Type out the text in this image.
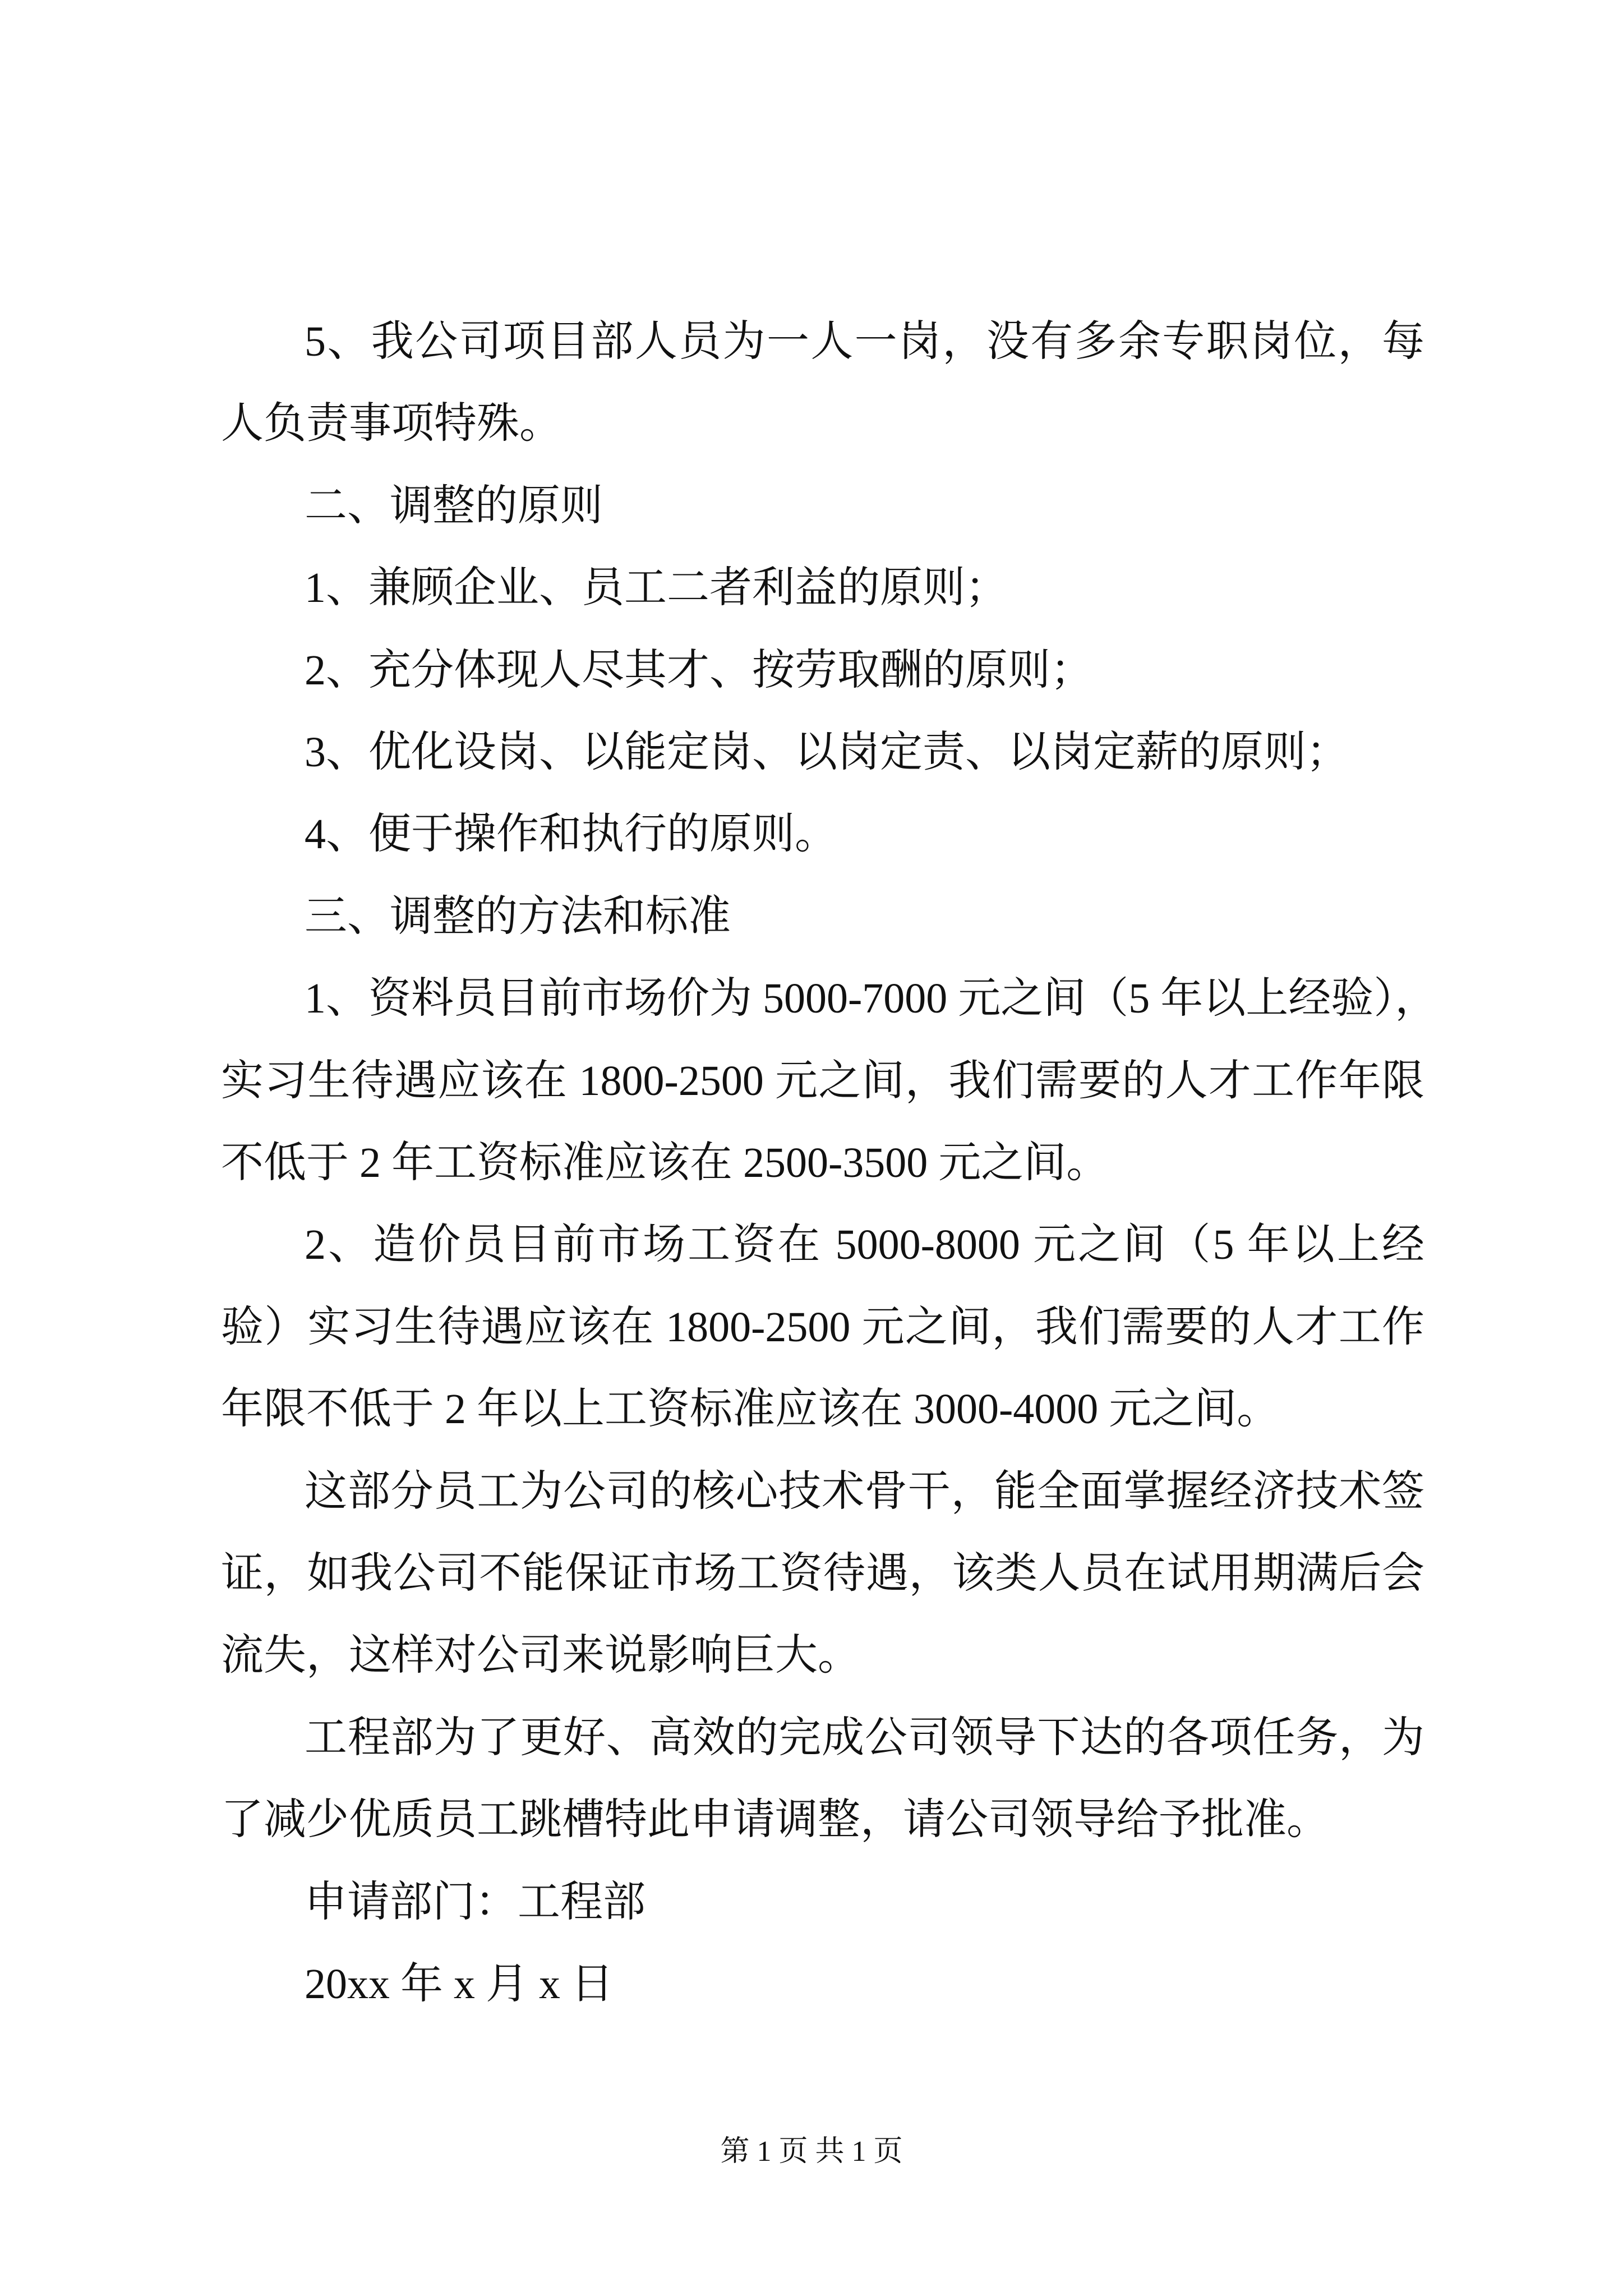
5、我公司项目部人员为一人一岗，没有多余专职岗位，每
人负责事项特殊。
二、调整的原则
1、兼顾企业、员工二者利益的原则；
2、充分体现人尽其才、按劳取酬的原则；
3、优化设岗、以能定岗、以岗定责、以岗定薪的原则；
4、便于操作和执行的原则。
三、调整的方法和标准
1、资料员目前市场价为 5000-7000 元之间（5 年以上经验），
实习生待遇应该在 1800-2500 元之间，我们需要的人才工作年限
不低于 2 年工资标准应该在 2500-3500 元之间。
2、造价员目前市场工资在 5000-8000 元之间（5 年以上经
验）实习生待遇应该在 1800-2500 元之间，我们需要的人才工作
年限不低于 2 年以上工资标准应该在 3000-4000 元之间。
这部分员工为公司的核心技术骨干，能全面掌握经济技术签
证，如我公司不能保证市场工资待遇，该类人员在试用期满后会
流失，这样对公司来说影响巨大。
工程部为了更好、高效的完成公司领导下达的各项任务，为
了减少优质员工跳槽特此申请调整，请公司领导给予批准。
申请部门：工程部
20xx 年 x 月 x 日
第 1 页 共 1 页
